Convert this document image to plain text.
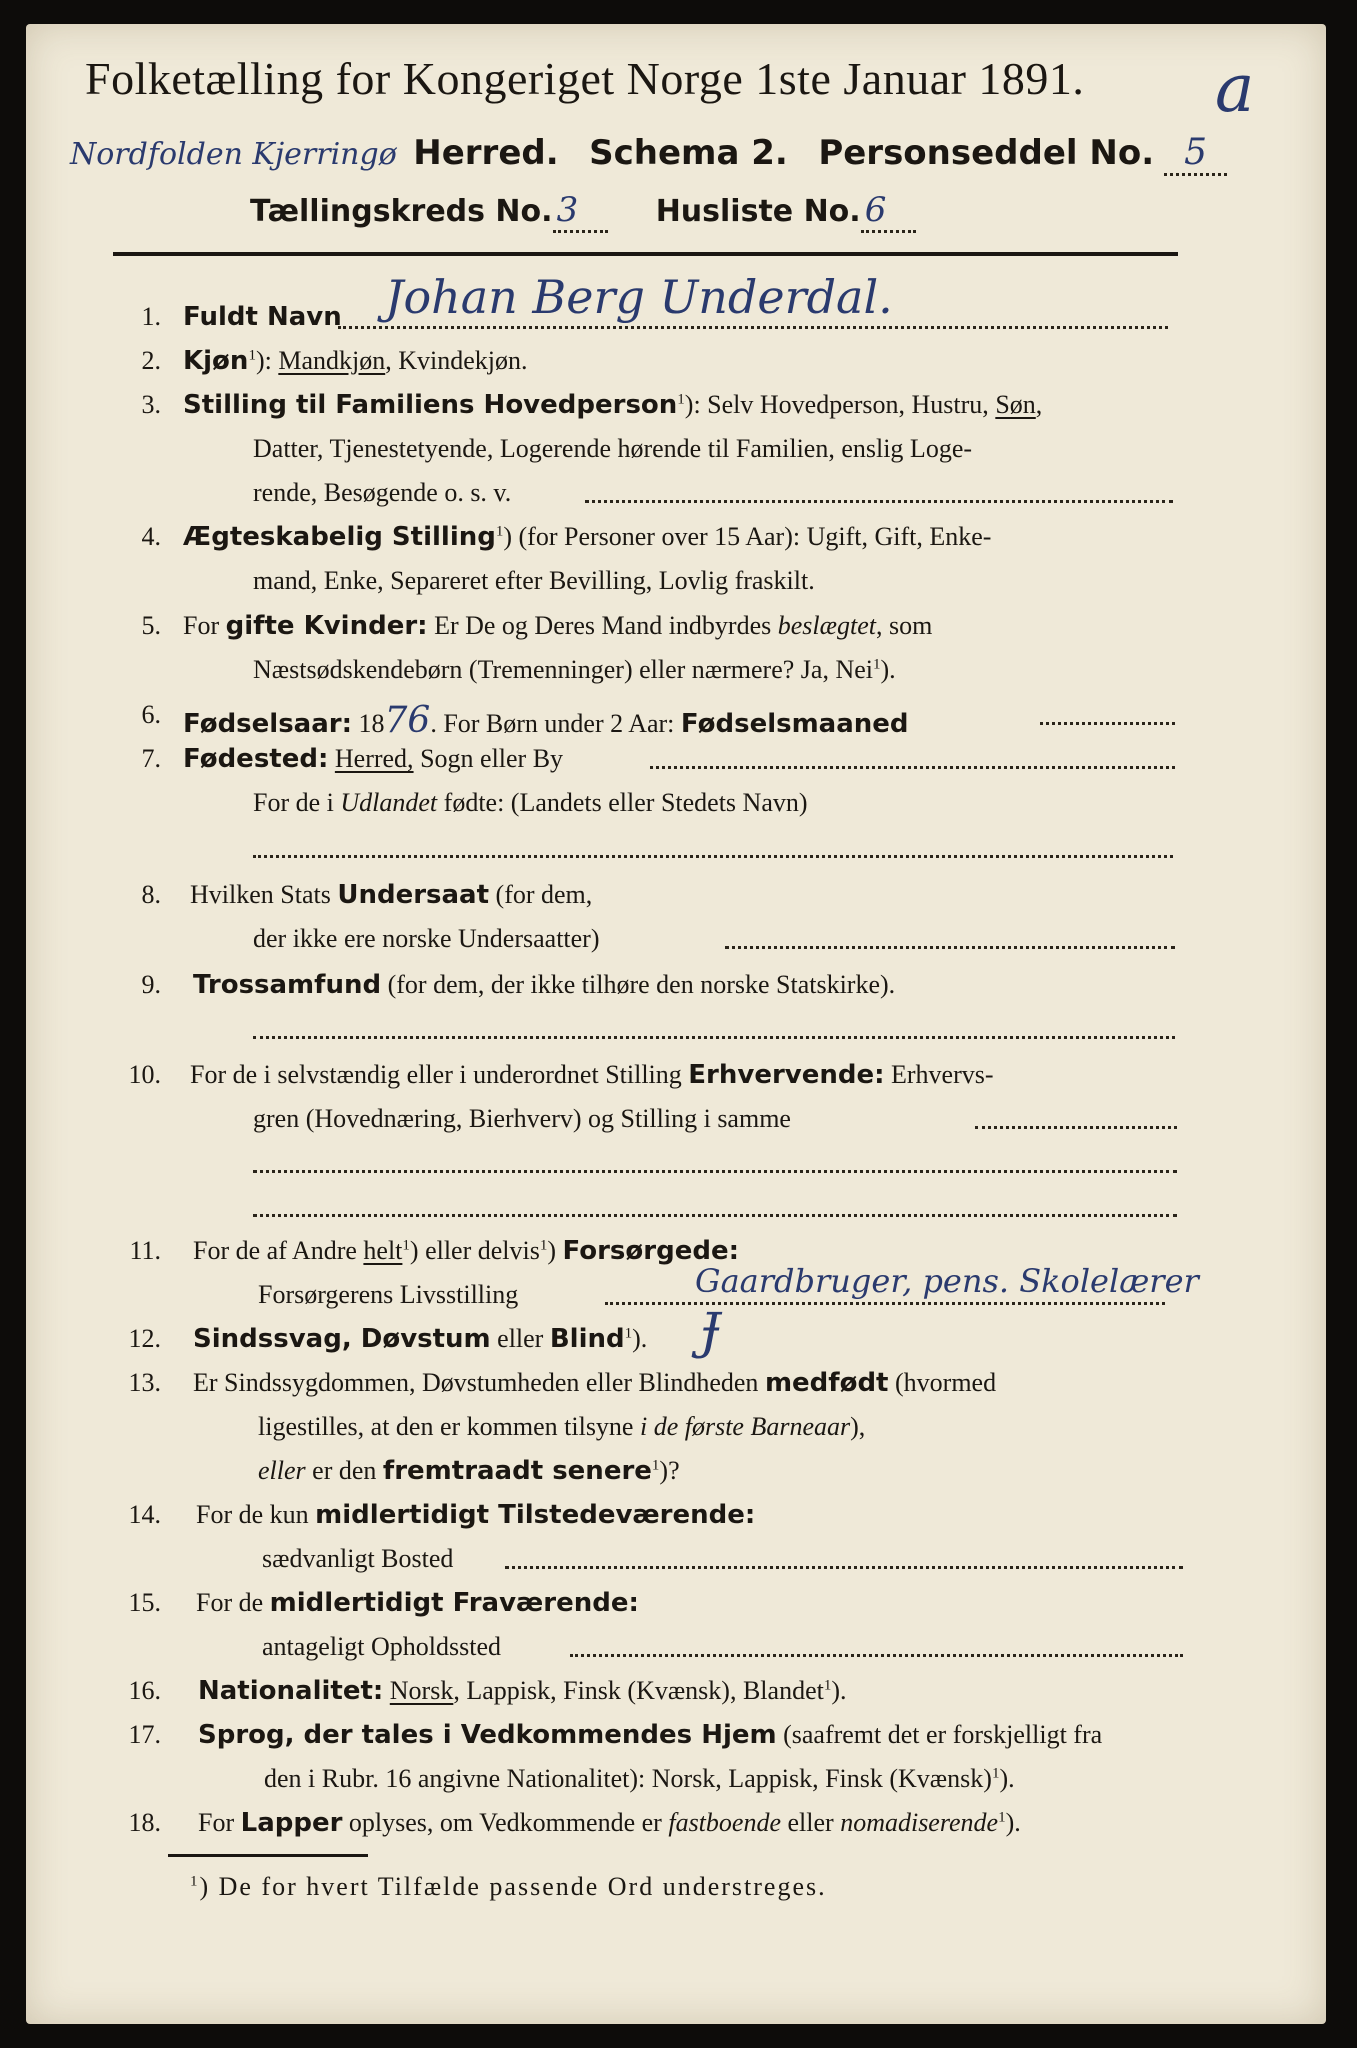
Folketælling for Kongeriget Norge 1ste Januar 1891.	a
Nordfolden Kjerringø Herred. Schema 2. Personseddel No. 5
Tællingskreds No. 3	Husliste No. 6
1. Fuldt Navn Johan Berg Underdal.
2. Kjøn$^1$): Mandkjøn, Kvindekjøn.
3. Stilling til Familiens Hovedperson$^1$): Selv Hovedperson, Hustru, Søn,
Datter, Tjenestetyende, Logerende hørende til Familien, enslig Loge-
rende, Besøgende o. s. v.
4. Ægteskabelig Stilling$^1$) (for Personer over 15 Aar): Ugift, Gift, Enke-
mand, Enke, Separeret efter Bevilling, Lovlig fraskilt.
5. For gifte Kvinder: Er De og Deres Mand indbyrdes beslægtet, som
Næstsødskendebørn (Tremenninger) eller nærmere? Ja, Nei$^1$).
6. Fødselsaar: 1876. For Børn under 2 Aar: Fødselsmaaned
7. Fødested: Herred, Sogn eller By
For de i Udlandet fødte: (Landets eller Stedets Navn)
8. Hvilken Stats Undersaat (for dem,
der ikke ere norske Undersaatter)
9. Trossamfund (for dem, der ikke tilhøre den norske Statskirke).
10. For de i selvstændig eller i underordnet Stilling Erhvervende: Erhvervs-
gren (Hovednæring, Bierhverv) og Stilling i samme
11. For de af Andre helt$^1$) eller delvis$^1$) Forsørgede:
Forsørgerens Livsstilling	Gaardbruger, pens. Skolelærer
12. Sindssvag, Døvstum eller Blind$^1$). Ɉ
13. Er Sindssygdommen, Døvstumheden eller Blindheden medfødt (hvormed
ligestilles, at den er kommen tilsyne i de første Barneaar),
eller er den fremtraadt senere$^1$)?
14. For de kun midlertidigt Tilstedeværende:
sædvanligt Bosted
15. For de midlertidigt Fraværende:
antageligt Opholdssted
16. Nationalitet: Norsk, Lappisk, Finsk (Kvænsk), Blandet$^1$).
17. Sprog, der tales i Vedkommendes Hjem (saafremt det er forskjelligt fra
den i Rubr. 16 angivne Nationalitet): Norsk, Lappisk, Finsk (Kvænsk)$^1$).
18. For Lapper oplyses, om Vedkommende er fastboende eller nomadiserende$^1$).
$^1$) De for hvert Tilfælde passende Ord understreges.
